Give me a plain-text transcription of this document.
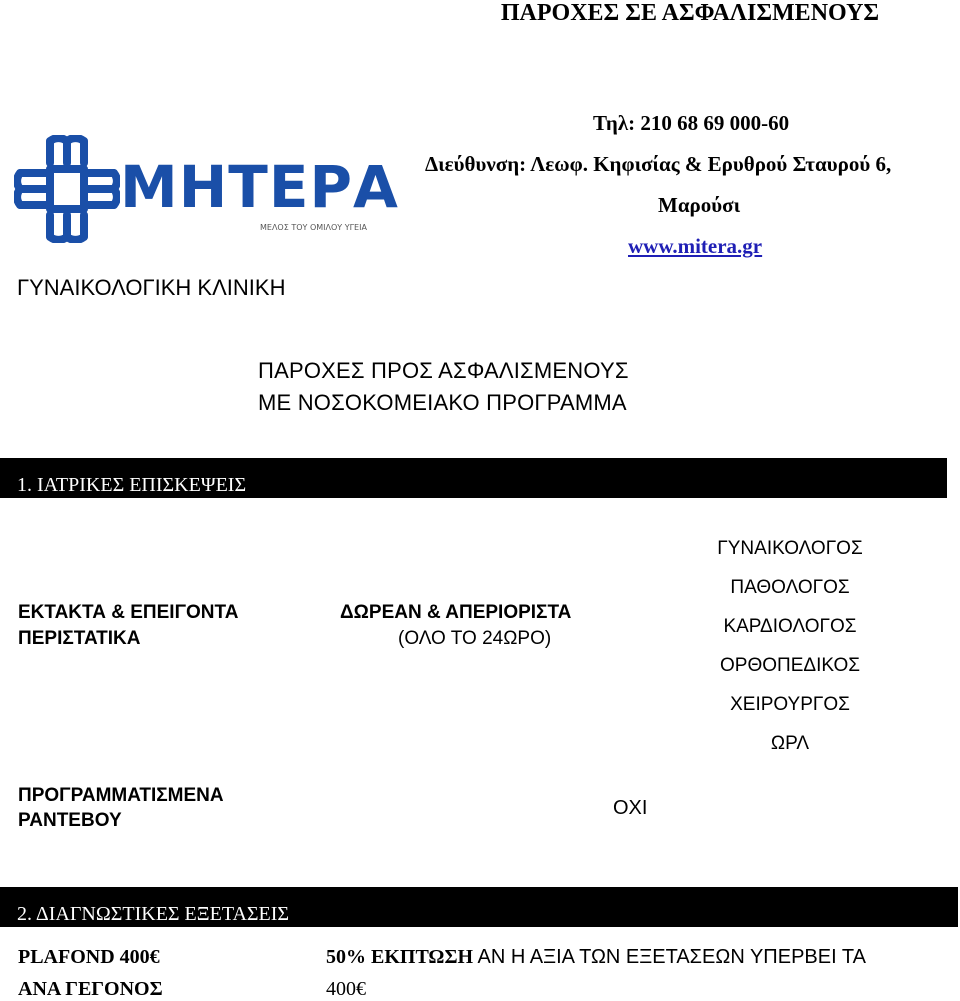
ΠΑΡΟΧΕΣ ΣΕ ΑΣΦΑΛΙΣΜΕΝΟΥΣ
Τηλ: 210 68 69 000-60
Διεύθυνση: Λεωφ. Κηφισίας & Ερυθρού Σταυρού 6,
Μαρούσι
www.mitera.gr
ΜΗΤΕΡΑ
ΜΕΛΟΣ ΤΟΥ ΟΜΙΛΟΥ ΥΓΕΙΑ
ΓΥΝΑΙΚΟΛΟΓΙΚΗ ΚΛΙΝΙΚΗ
ΠΑΡΟΧΕΣ ΠΡΟΣ ΑΣΦΑΛΙΣΜΕΝΟΥΣ
ΜΕ ΝΟΣΟΚΟΜΕΙΑΚΟ ΠΡΟΓΡΑΜΜΑ
1. ΙΑΤΡΙΚΕΣ ΕΠΙΣΚΕΨΕΙΣ
ΕΚΤΑΚΤΑ & ΕΠΕΙΓΟΝΤΑ
ΠΕΡΙΣΤΑΤΙΚΑ
ΔΩΡΕΑΝ & ΑΠΕΡΙΟΡΙΣΤΑ
(ΟΛΟ ΤΟ 24ΩΡΟ)
ΓΥΝΑΙΚΟΛΟΓΟΣ
ΠΑΘΟΛΟΓΟΣ
ΚΑΡΔΙΟΛΟΓΟΣ
ΟΡΘΟΠΕΔΙΚΟΣ
ΧΕΙΡΟΥΡΓΟΣ
ΩΡΛ
ΠΡΟΓΡΑΜΜΑΤΙΣΜΕΝΑ
ΡΑΝΤΕΒΟΥ
ΟΧΙ
2. ΔΙΑΓΝΩΣΤΙΚΕΣ ΕΞΕΤΑΣΕΙΣ
PLAFOND 400€
ΑΝΑ ΓΕΓΟΝΟΣ
50% ΕΚΠΤΩΣΗ ΑΝ Η ΑΞΙΑ ΤΩΝ ΕΞΕΤΑΣΕΩΝ ΥΠΕΡΒΕΙ ΤΑ
400€
